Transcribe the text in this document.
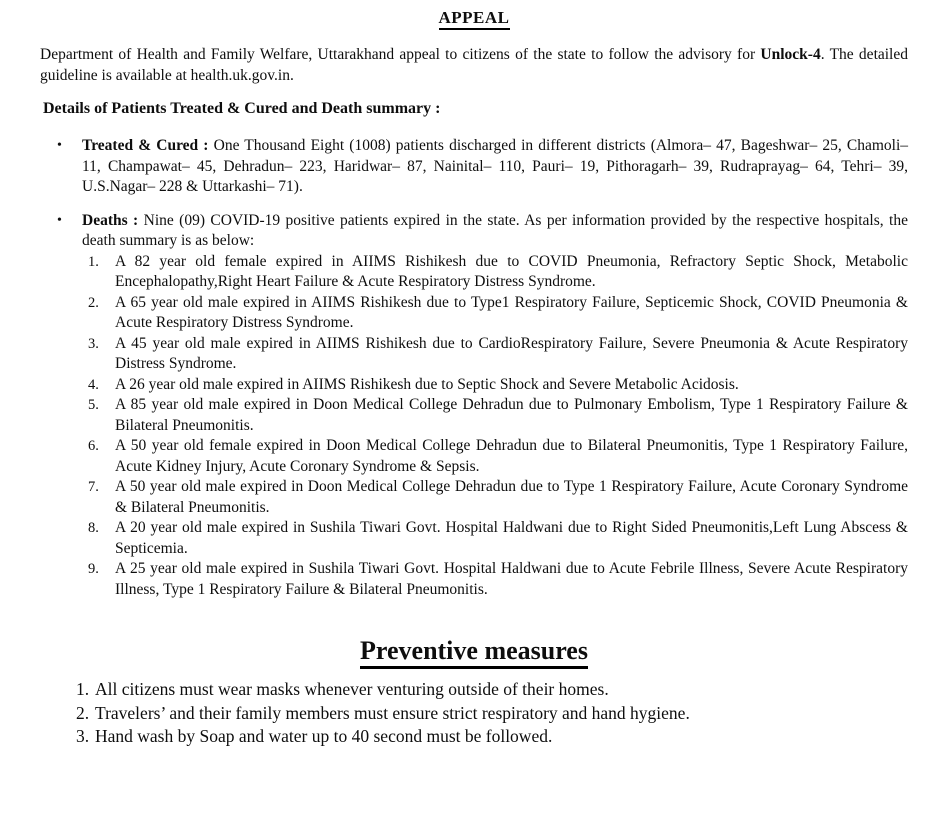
APPEAL

Department of Health and Family Welfare, Uttarakhand appeal to citizens of the state to follow the advisory for Unlock-4. The detailed guideline is available at health.uk.gov.in.

Details of Patients Treated & Cured and Death summary :
•	Treated & Cured : One Thousand Eight (1008) patients discharged in different districts (Almora– 47, Bageshwar– 25, Chamoli– 11, Champawat– 45, Dehradun– 223, Haridwar– 87, Nainital– 110, Pauri– 19, Pithoragarh– 39, Rudraprayag– 64, Tehri– 39, U.S.Nagar– 228 & Uttarkashi– 71).
•	Deaths : Nine (09) COVID-19 positive patients expired in the state. As per information provided by the respective hospitals, the death summary is as below:
1.	A 82 year old female expired in AIIMS Rishikesh due to COVID Pneumonia, Refractory Septic Shock, Metabolic Encephalopathy,Right Heart Failure & Acute Respiratory Distress Syndrome.
2.	A 65 year old male expired in AIIMS Rishikesh due to Type1 Respiratory Failure, Septicemic Shock, COVID Pneumonia & Acute Respiratory Distress Syndrome.
3.	A 45 year old male expired in AIIMS Rishikesh due to CardioRespiratory Failure, Severe Pneumonia & Acute Respiratory Distress Syndrome.
4.	A 26 year old male expired in AIIMS Rishikesh due to Septic Shock and Severe Metabolic Acidosis.
5.	A 85 year old male expired in Doon Medical College Dehradun due to Pulmonary Embolism, Type 1 Respiratory Failure & Bilateral Pneumonitis.
6.	A 50 year old female expired in Doon Medical College Dehradun due to Bilateral Pneumonitis, Type 1 Respiratory Failure, Acute Kidney Injury, Acute Coronary Syndrome & Sepsis.
7.	A 50 year old male expired in Doon Medical College Dehradun due to Type 1 Respiratory Failure, Acute Coronary Syndrome & Bilateral Pneumonitis.
8.	A 20 year old male expired in Sushila Tiwari Govt. Hospital Haldwani due to Right Sided Pneumonitis,Left Lung Abscess & Septicemia.
9.	A 25 year old male expired in Sushila Tiwari Govt. Hospital Haldwani due to Acute Febrile Illness, Severe Acute Respiratory Illness, Type 1 Respiratory Failure & Bilateral Pneumonitis.
Preventive measures
1. All citizens must wear masks whenever venturing outside of their homes.
2. Travelers’ and their family members must ensure strict respiratory and hand hygiene.
3. Hand wash by Soap and water up to 40 second must be followed.
